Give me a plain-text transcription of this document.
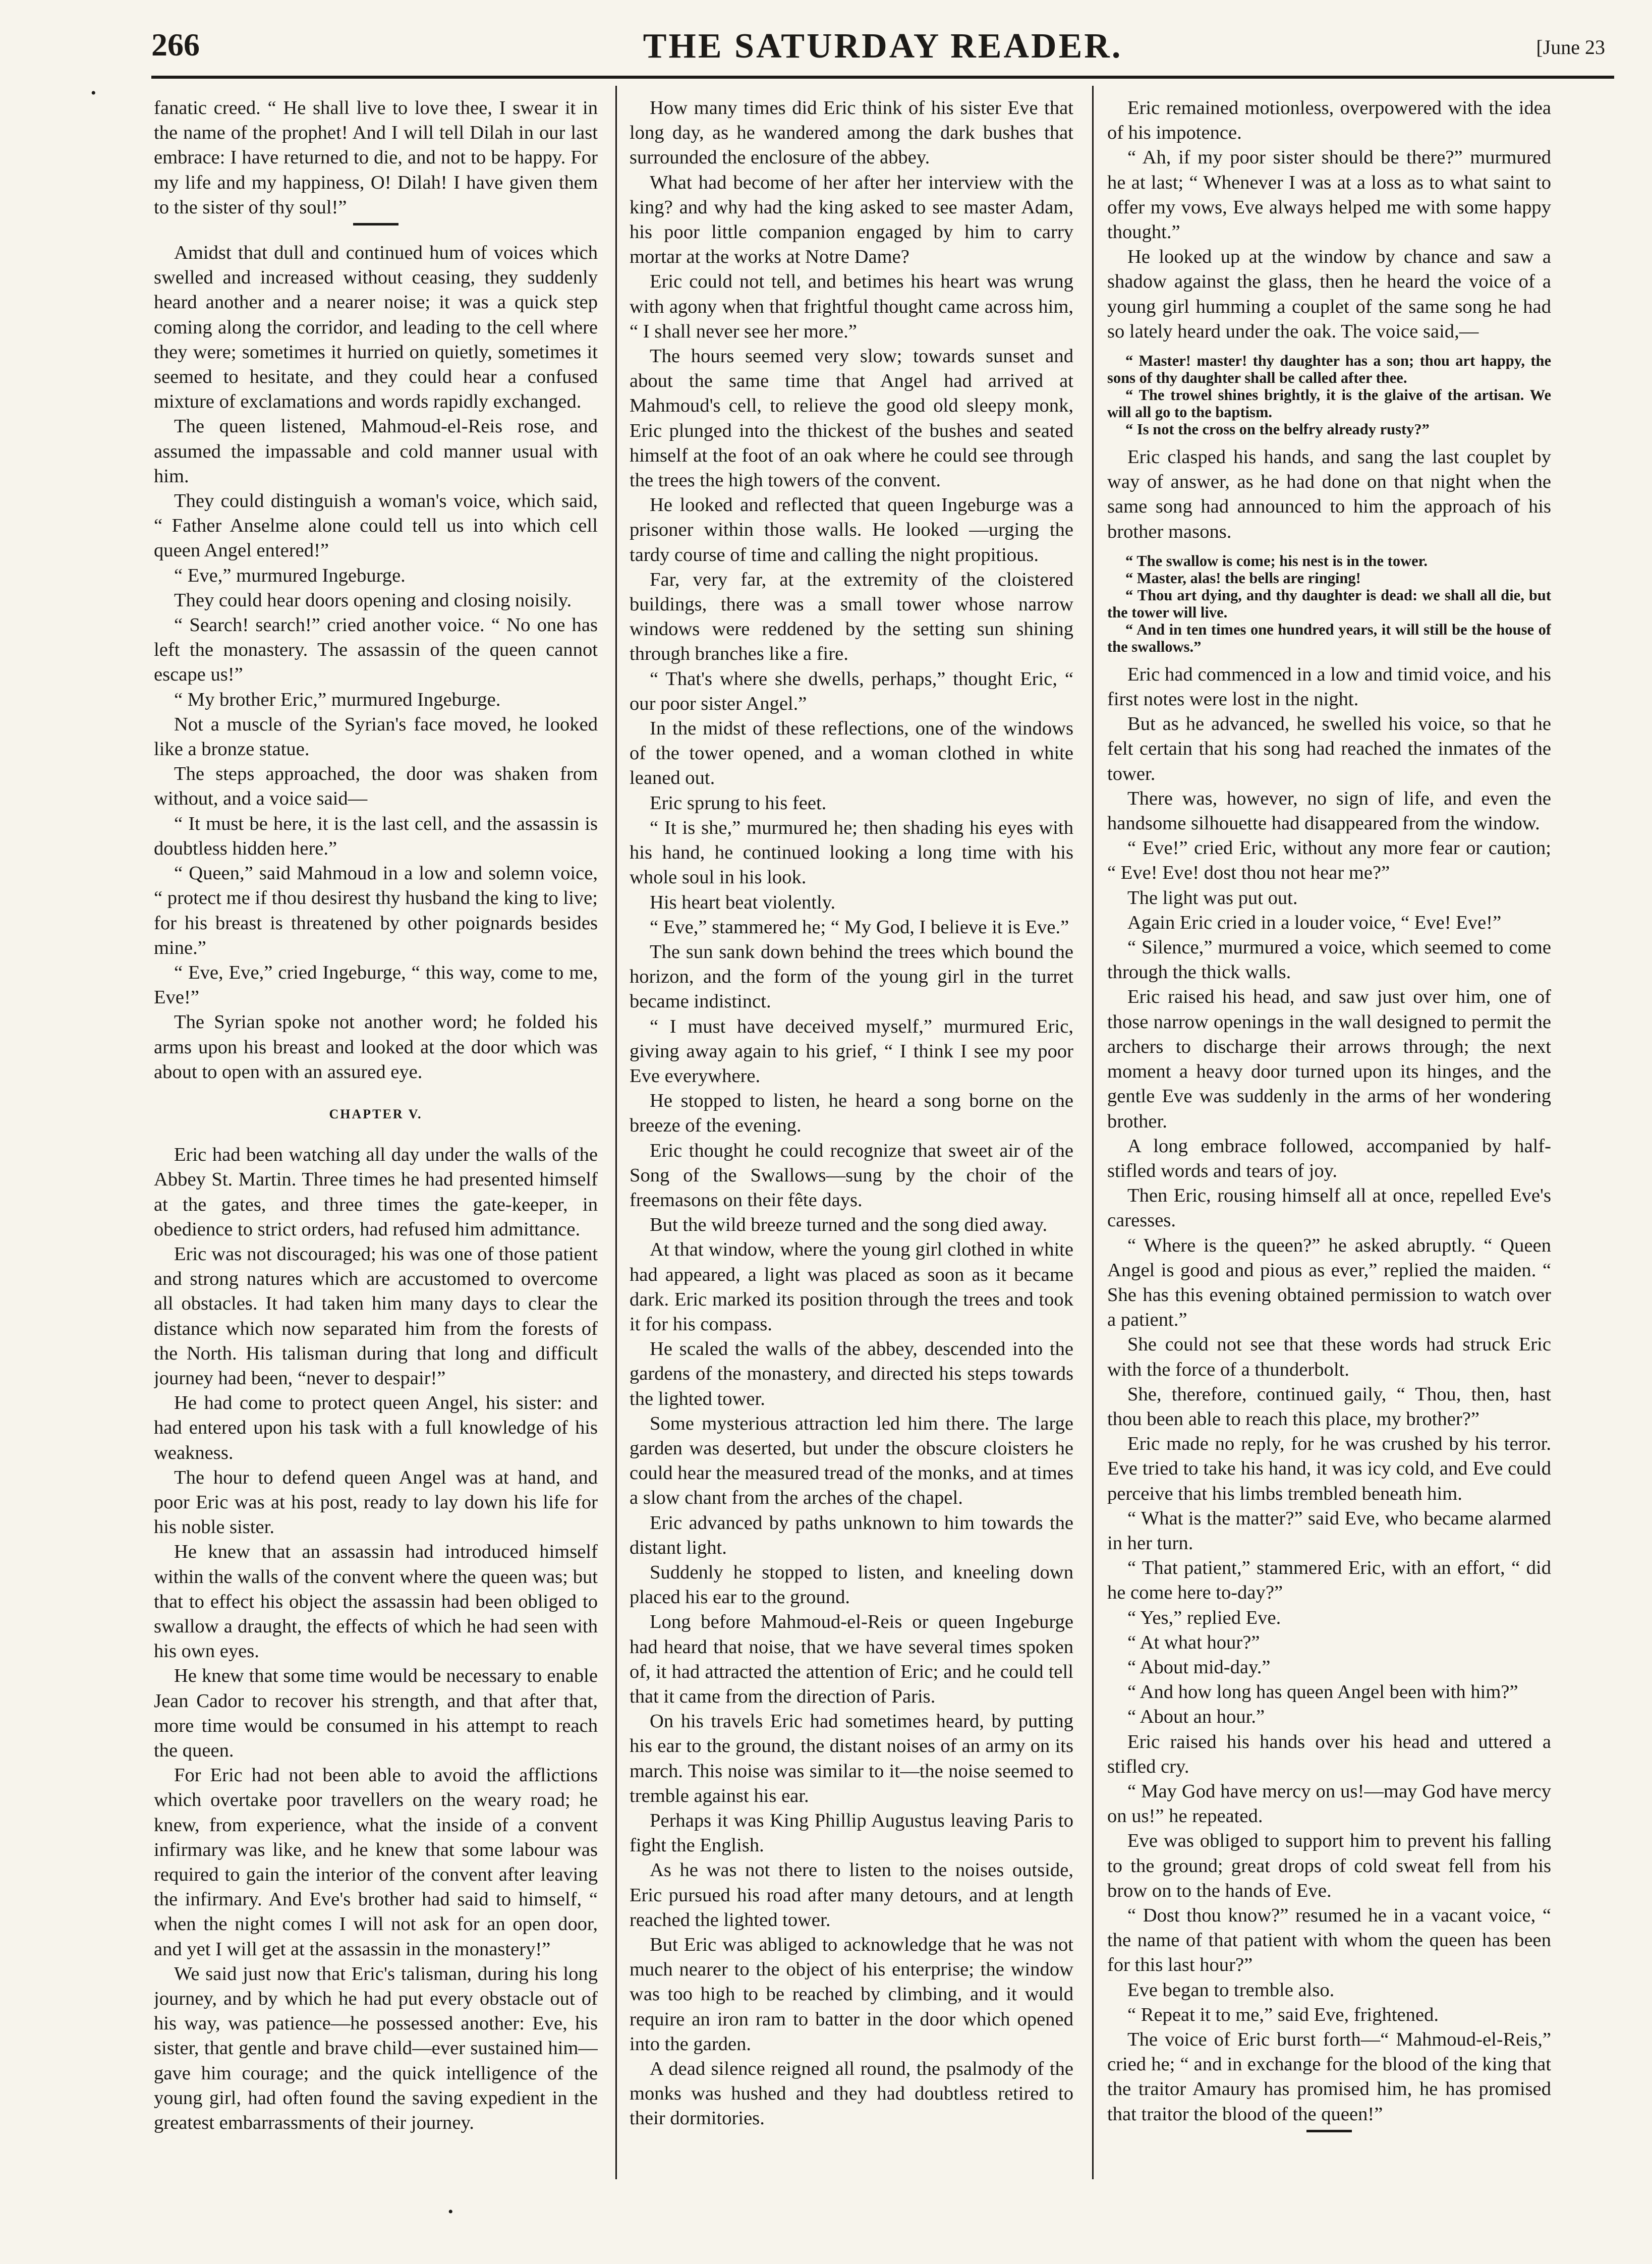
266	THE SATURDAY READER.	[June 23
•

fanatic creed. “ He shall live to love thee, I swear it in the name of the prophet! And I will tell Dilah in our last embrace: I have returned to die, and not to be happy. For my life and my happiness, O! Dilah! I have given them to the sister of thy soul!”

Amidst that dull and continued hum of voices which swelled and increased without ceasing, they suddenly heard another and a nearer noise; it was a quick step coming along the corridor, and leading to the cell where they were; sometimes it hurried on quietly, sometimes it seemed to hesitate, and they could hear a confused mixture of exclamations and words rapidly exchanged.

The queen listened, Mahmoud-el-Reis rose, and assumed the impassable and cold manner usual with him.

They could distinguish a woman's voice, which said, “ Father Anselme alone could tell us into which cell queen Angel entered!”

“ Eve,” murmured Ingeburge.

They could hear doors opening and closing noisily.

“ Search! search!” cried another voice. “ No one has left the monastery. The assassin of the queen cannot escape us!”

“ My brother Eric,” murmured Ingeburge.

Not a muscle of the Syrian's face moved, he looked like a bronze statue.

The steps approached, the door was shaken from without, and a voice said—

“ It must be here, it is the last cell, and the assassin is doubtless hidden here.”

“ Queen,” said Mahmoud in a low and solemn voice, “ protect me if thou desirest thy husband the king to live; for his breast is threatened by other poignards besides mine.”

“ Eve, Eve,” cried Ingeburge, “ this way, come to me, Eve!”

The Syrian spoke not another word; he folded his arms upon his breast and looked at the door which was about to open with an assured eye.

CHAPTER V.

Eric had been watching all day under the walls of the Abbey St. Martin. Three times he had presented himself at the gates, and three times the gate-keeper, in obedience to strict orders, had refused him admittance.

Eric was not discouraged; his was one of those patient and strong natures which are accustomed to overcome all obstacles. It had taken him many days to clear the distance which now separated him from the forests of the North. His talisman during that long and difficult journey had been, “never to despair!”

He had come to protect queen Angel, his sister: and had entered upon his task with a full knowledge of his weakness.

The hour to defend queen Angel was at hand, and poor Eric was at his post, ready to lay down his life for his noble sister.

He knew that an assassin had introduced himself within the walls of the convent where the queen was; but that to effect his object the assassin had been obliged to swallow a draught, the effects of which he had seen with his own eyes.

He knew that some time would be necessary to enable Jean Cador to recover his strength, and that after that, more time would be consumed in his attempt to reach the queen.

For Eric had not been able to avoid the afflictions which overtake poor travellers on the weary road; he knew, from experience, what the inside of a convent infirmary was like, and he knew that some labour was required to gain the interior of the convent after leaving the infirmary. And Eve's brother had said to himself, “ when the night comes I will not ask for an open door, and yet I will get at the assassin in the monastery!”

We said just now that Eric's talisman, during his long journey, and by which he had put every obstacle out of his way, was patience—he possessed another: Eve, his sister, that gentle and brave child—ever sustained him—gave him courage; and the quick intelligence of the young girl, had often found the saving expedient in the greatest embarrassments of their journey.

How many times did Eric think of his sister Eve that long day, as he wandered among the dark bushes that surrounded the enclosure of the abbey.

What had become of her after her interview with the king? and why had the king asked to see master Adam, his poor little companion engaged by him to carry mortar at the works at Notre Dame?

Eric could not tell, and betimes his heart was wrung with agony when that frightful thought came across him, “ I shall never see her more.”

The hours seemed very slow; towards sunset and about the same time that Angel had arrived at Mahmoud's cell, to relieve the good old sleepy monk, Eric plunged into the thickest of the bushes and seated himself at the foot of an oak where he could see through the trees the high towers of the convent.

He looked and reflected that queen Ingeburge was a prisoner within those walls. He looked —urging the tardy course of time and calling the night propitious.

Far, very far, at the extremity of the cloistered buildings, there was a small tower whose narrow windows were reddened by the setting sun shining through branches like a fire.

“ That's where she dwells, perhaps,” thought Eric, “ our poor sister Angel.”

In the midst of these reflections, one of the windows of the tower opened, and a woman clothed in white leaned out.

Eric sprung to his feet.

“ It is she,” murmured he; then shading his eyes with his hand, he continued looking a long time with his whole soul in his look.

His heart beat violently.

“ Eve,” stammered he; “ My God, I believe it is Eve.”

The sun sank down behind the trees which bound the horizon, and the form of the young girl in the turret became indistinct.

“ I must have deceived myself,” murmured Eric, giving away again to his grief, “ I think I see my poor Eve everywhere.

He stopped to listen, he heard a song borne on the breeze of the evening.

Eric thought he could recognize that sweet air of the Song of the Swallows—sung by the choir of the freemasons on their fête days.

But the wild breeze turned and the song died away.

At that window, where the young girl clothed in white had appeared, a light was placed as soon as it became dark. Eric marked its position through the trees and took it for his compass.

He scaled the walls of the abbey, descended into the gardens of the monastery, and directed his steps towards the lighted tower.

Some mysterious attraction led him there. The large garden was deserted, but under the obscure cloisters he could hear the measured tread of the monks, and at times a slow chant from the arches of the chapel.

Eric advanced by paths unknown to him towards the distant light.

Suddenly he stopped to listen, and kneeling down placed his ear to the ground.

Long before Mahmoud-el-Reis or queen Ingeburge had heard that noise, that we have several times spoken of, it had attracted the attention of Eric; and he could tell that it came from the direction of Paris.

On his travels Eric had sometimes heard, by putting his ear to the ground, the distant noises of an army on its march. This noise was similar to it—the noise seemed to tremble against his ear.

Perhaps it was King Phillip Augustus leaving Paris to fight the English.

As he was not there to listen to the noises outside, Eric pursued his road after many detours, and at length reached the lighted tower.

But Eric was abliged to acknowledge that he was not much nearer to the object of his enterprise; the window was too high to be reached by climbing, and it would require an iron ram to batter in the door which opened into the garden.

A dead silence reigned all round, the psalmody of the monks was hushed and they had doubtless retired to their dormitories.

Eric remained motionless, overpowered with the idea of his impotence.

“ Ah, if my poor sister should be there?” murmured he at last; “ Whenever I was at a loss as to what saint to offer my vows, Eve always helped me with some happy thought.”

He looked up at the window by chance and saw a shadow against the glass, then he heard the voice of a young girl humming a couplet of the same song he had so lately heard under the oak. The voice said,—

“ Master! master! thy daughter has a son; thou art happy, the sons of thy daughter shall be called after thee.

“ The trowel shines brightly, it is the glaive of the artisan. We will all go to the baptism.

“ Is not the cross on the belfry already rusty?”

Eric clasped his hands, and sang the last couplet by way of answer, as he had done on that night when the same song had announced to him the approach of his brother masons.

“ The swallow is come; his nest is in the tower.

“ Master, alas! the bells are ringing!

“ Thou art dying, and thy daughter is dead: we shall all die, but the tower will live.

“ And in ten times one hundred years, it will still be the house of the swallows.”

Eric had commenced in a low and timid voice, and his first notes were lost in the night.

But as he advanced, he swelled his voice, so that he felt certain that his song had reached the inmates of the tower.

There was, however, no sign of life, and even the handsome silhouette had disappeared from the window.

“ Eve!” cried Eric, without any more fear or caution; “ Eve! Eve! dost thou not hear me?”

The light was put out.

Again Eric cried in a louder voice, “ Eve! Eve!”

“ Silence,” murmured a voice, which seemed to come through the thick walls.

Eric raised his head, and saw just over him, one of those narrow openings in the wall designed to permit the archers to discharge their arrows through; the next moment a heavy door turned upon its hinges, and the gentle Eve was suddenly in the arms of her wondering brother.

A long embrace followed, accompanied by half-stifled words and tears of joy.

Then Eric, rousing himself all at once, repelled Eve's caresses.

“ Where is the queen?” he asked abruptly. “ Queen Angel is good and pious as ever,” replied the maiden. “ She has this evening obtained permission to watch over a patient.”

She could not see that these words had struck Eric with the force of a thunderbolt.

She, therefore, continued gaily, “ Thou, then, hast thou been able to reach this place, my brother?”

Eric made no reply, for he was crushed by his terror. Eve tried to take his hand, it was icy cold, and Eve could perceive that his limbs trembled beneath him.

“ What is the matter?” said Eve, who became alarmed in her turn.

“ That patient,” stammered Eric, with an effort, “ did he come here to-day?”

“ Yes,” replied Eve.

“ At what hour?”

“ About mid-day.”

“ And how long has queen Angel been with him?”

“ About an hour.”

Eric raised his hands over his head and uttered a stifled cry.

“ May God have mercy on us!—may God have mercy on us!” he repeated.

Eve was obliged to support him to prevent his falling to the ground; great drops of cold sweat fell from his brow on to the hands of Eve.

“ Dost thou know?” resumed he in a vacant voice, “ the name of that patient with whom the queen has been for this last hour?”

Eve began to tremble also.

“ Repeat it to me,” said Eve, frightened.

The voice of Eric burst forth—“ Mahmoud-el-Reis,” cried he; “ and in exchange for the blood of the king that the traitor Amaury has promised him, he has promised that traitor the blood of the queen!”

•
